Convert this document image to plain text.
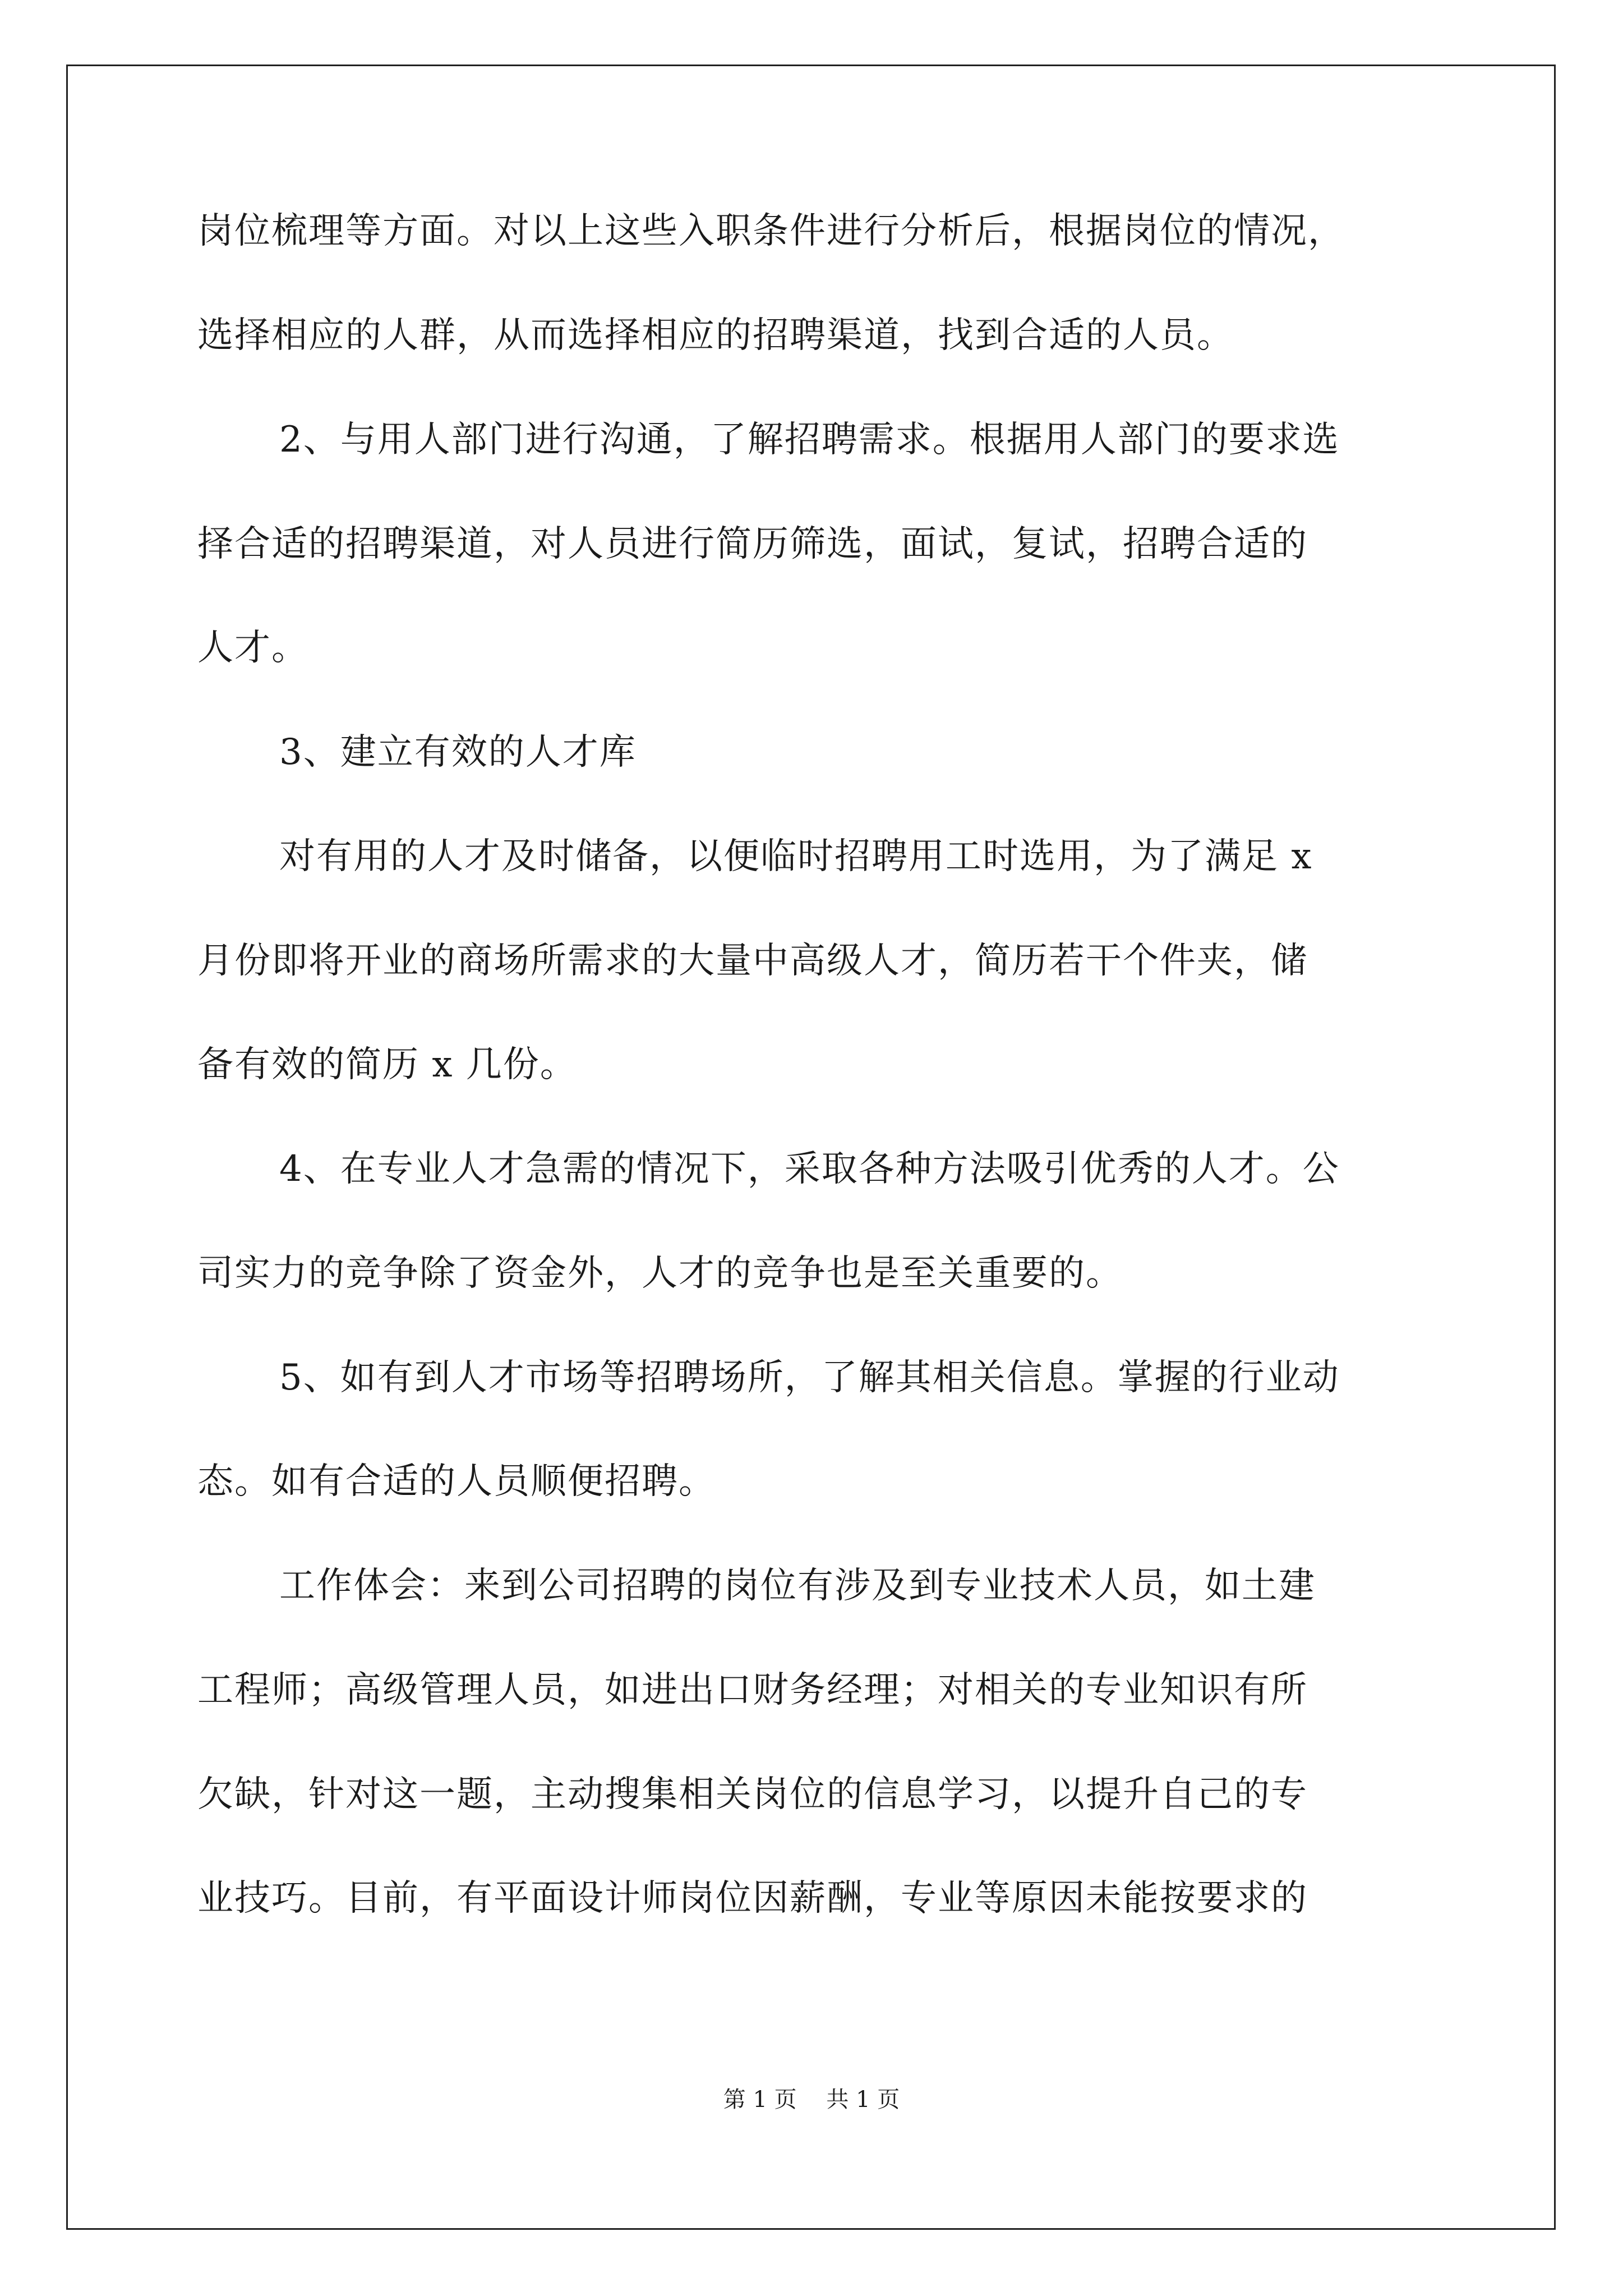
岗位梳理等方面。对以上这些入职条件进行分析后，根据岗位的情况，
选择相应的人群，从而选择相应的招聘渠道，找到合适的人员。
2、与用人部门进行沟通，了解招聘需求。根据用人部门的要求选
择合适的招聘渠道，对人员进行简历筛选，面试，复试，招聘合适的
人才。
3、建立有效的人才库
对有用的人才及时储备，以便临时招聘用工时选用，为了满足 x
月份即将开业的商场所需求的大量中高级人才，简历若干个件夹，储
备有效的简历 x 几份。
4、在专业人才急需的情况下，采取各种方法吸引优秀的人才。公
司实力的竞争除了资金外，人才的竞争也是至关重要的。
5、如有到人才市场等招聘场所，了解其相关信息。掌握的行业动
态。如有合适的人员顺便招聘。
工作体会：来到公司招聘的岗位有涉及到专业技术人员，如土建
工程师；高级管理人员，如进出口财务经理；对相关的专业知识有所
欠缺，针对这一题，主动搜集相关岗位的信息学习，以提升自己的专
业技巧。目前，有平面设计师岗位因薪酬，专业等原因未能按要求的
第 1 页 共 1 页
